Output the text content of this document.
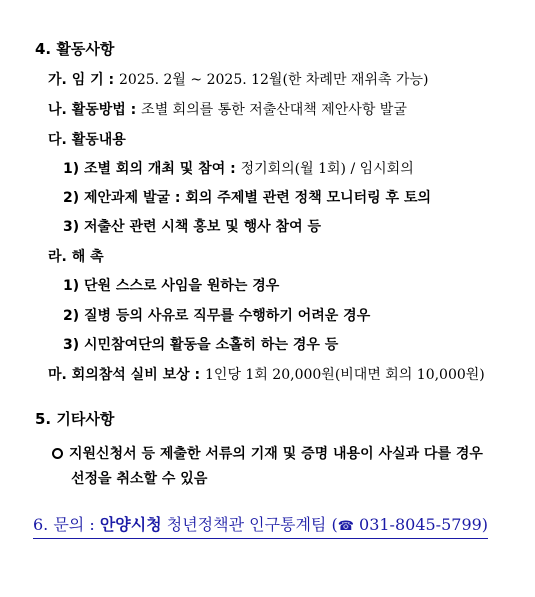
4. 활동사항
가. 임 기 : 2025. 2월 ~ 2025. 12월(한 차례만 재위촉 가능)
나. 활동방법 : 조별 회의를 통한 저출산대책 제안사항 발굴
다. 활동내용
1) 조별 회의 개최 및 참여 : 정기회의(월 1회) / 임시회의
2) 제안과제 발굴 : 회의 주제별 관련 정책 모니터링 후 토의
3) 저출산 관련 시책 홍보 및 행사 참여 등
라. 해 촉
1) 단원 스스로 사임을 원하는 경우
2) 질병 등의 사유로 직무를 수행하기 어려운 경우
3) 시민참여단의 활동을 소홀히 하는 경우 등
마. 회의참석 실비 보상 : 1인당 1회 20,000원(비대면 회의 10,000원)
5. 기타사항
지원신청서 등 제출한 서류의 기재 및 증명 내용이 사실과 다를 경우
선정을 취소할 수 있음
6. 문의 : 안양시청 청년정책관 인구통계팀 (☎ 031-8045-5799)
